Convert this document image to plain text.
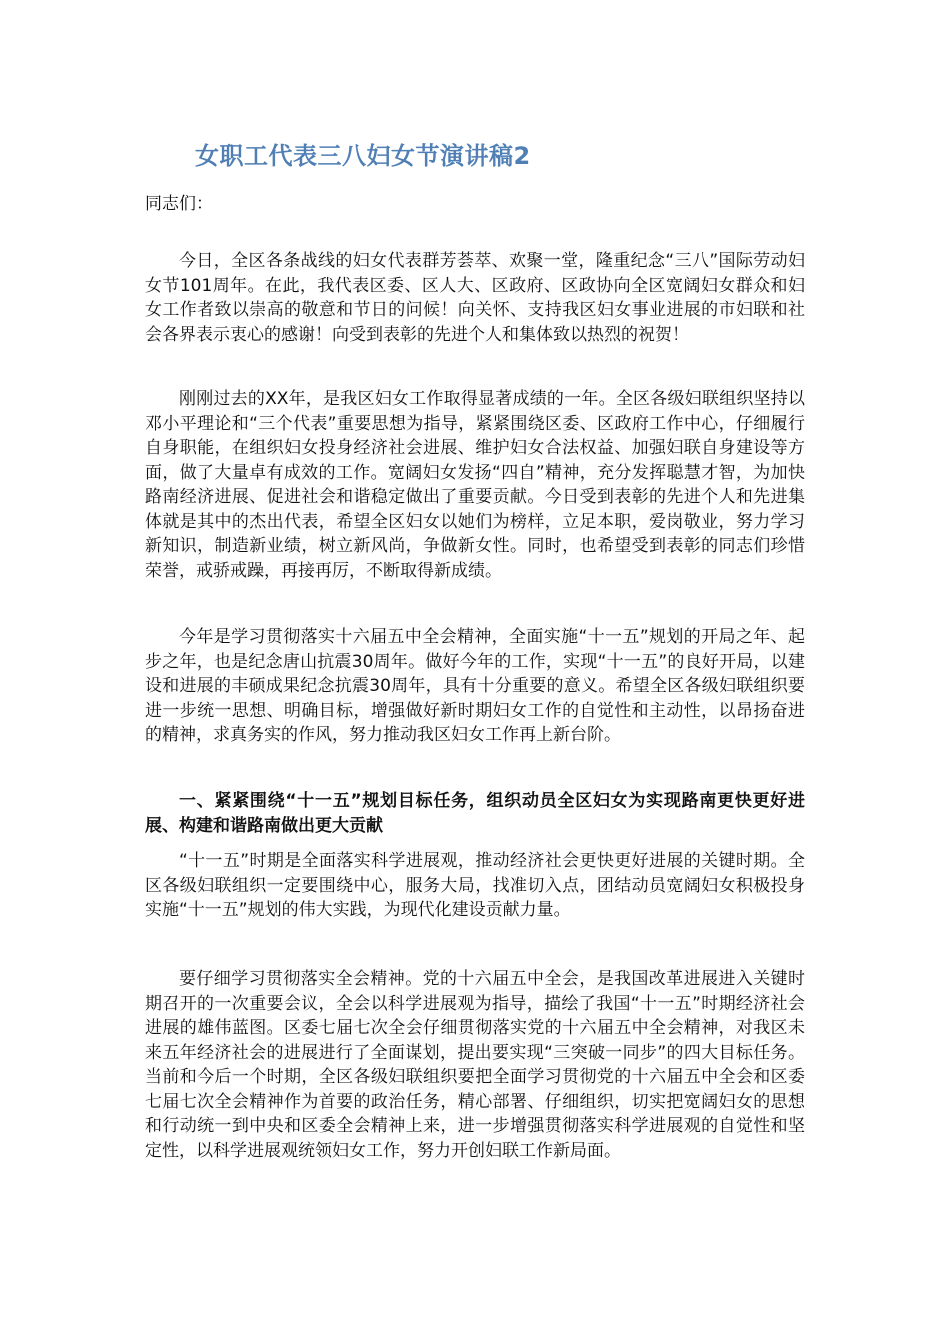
女职工代表三八妇女节演讲稿2
同志们：

今日，全区各条战线的妇女代表群芳荟萃、欢聚一堂，隆重纪念“三八”国际劳动妇女节101周年。在此，我代表区委、区人大、区政府、区政协向全区宽阔妇女群众和妇女工作者致以崇高的敬意和节日的问候！向关怀、支持我区妇女事业进展的市妇联和社会各界表示衷心的感谢！向受到表彰的先进个人和集体致以热烈的祝贺！

刚刚过去的XX年，是我区妇女工作取得显著成绩的一年。全区各级妇联组织坚持以邓小平理论和“三个代表”重要思想为指导，紧紧围绕区委、区政府工作中心，仔细履行自身职能，在组织妇女投身经济社会进展、维护妇女合法权益、加强妇联自身建设等方面，做了大量卓有成效的工作。宽阔妇女发扬“四自”精神，充分发挥聪慧才智，为加快路南经济进展、促进社会和谐稳定做出了重要贡献。今日受到表彰的先进个人和先进集体就是其中的杰出代表，希望全区妇女以她们为榜样，立足本职，爱岗敬业，努力学习新知识，制造新业绩，树立新风尚，争做新女性。同时，也希望受到表彰的同志们珍惜荣誉，戒骄戒躁，再接再厉，不断取得新成绩。

今年是学习贯彻落实十六届五中全会精神，全面实施“十一五”规划的开局之年、起步之年，也是纪念唐山抗震30周年。做好今年的工作，实现“十一五”的良好开局，以建设和进展的丰硕成果纪念抗震30周年，具有十分重要的意义。希望全区各级妇联组织要进一步统一思想、明确目标，增强做好新时期妇女工作的自觉性和主动性，以昂扬奋进的精神，求真务实的作风，努力推动我区妇女工作再上新台阶。

一、紧紧围绕“十一五”规划目标任务，组织动员全区妇女为实现路南更快更好进展、构建和谐路南做出更大贡献

“十一五”时期是全面落实科学进展观，推动经济社会更快更好进展的关键时期。全区各级妇联组织一定要围绕中心，服务大局，找准切入点，团结动员宽阔妇女积极投身实施“十一五”规划的伟大实践，为现代化建设贡献力量。

要仔细学习贯彻落实全会精神。党的十六届五中全会，是我国改革进展进入关键时期召开的一次重要会议，全会以科学进展观为指导，描绘了我国“十一五”时期经济社会进展的雄伟蓝图。区委七届七次全会仔细贯彻落实党的十六届五中全会精神，对我区未来五年经济社会的进展进行了全面谋划，提出要实现“三突破一同步”的四大目标任务。当前和今后一个时期，全区各级妇联组织要把全面学习贯彻党的十六届五中全会和区委七届七次全会精神作为首要的政治任务，精心部署、仔细组织，切实把宽阔妇女的思想和行动统一到中央和区委全会精神上来，进一步增强贯彻落实科学进展观的自觉性和坚定性，以科学进展观统领妇女工作，努力开创妇联工作新局面。
